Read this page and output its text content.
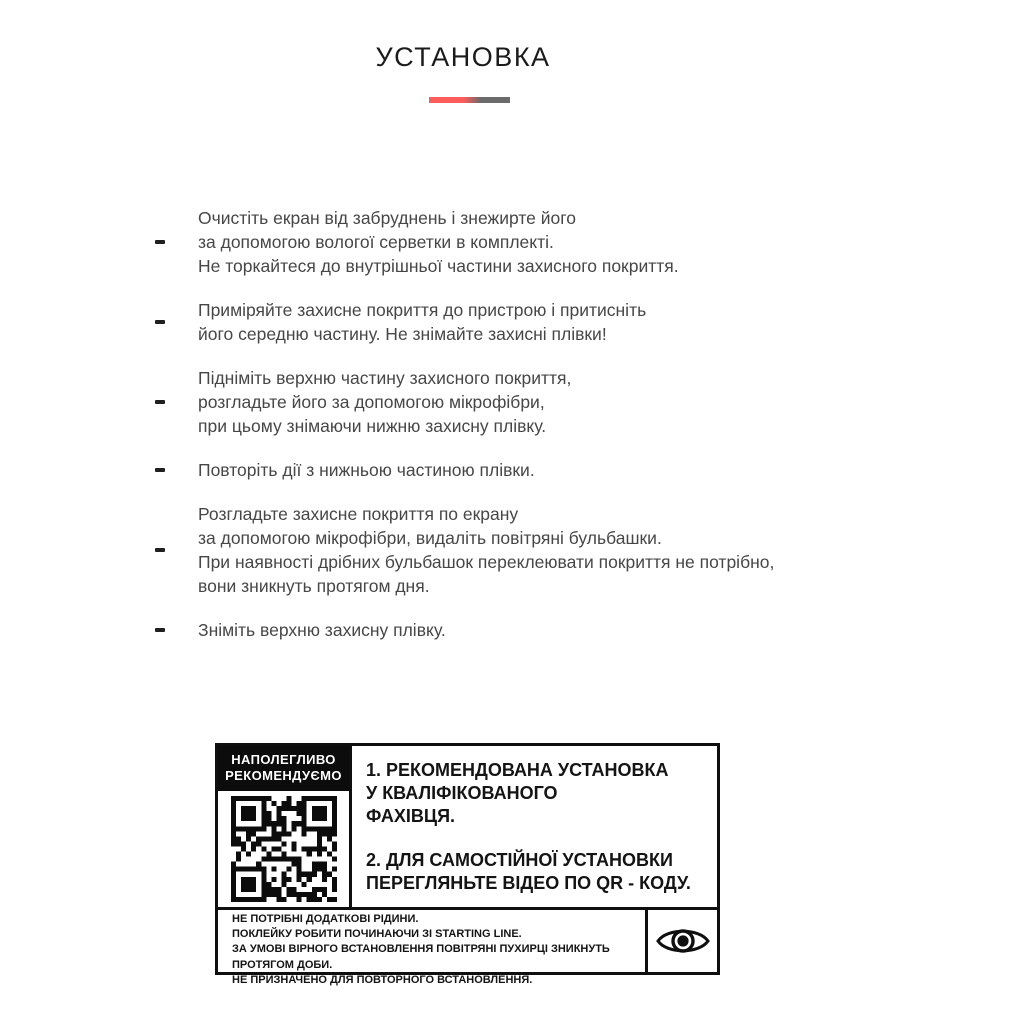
УСТАНОВКА
Очистіть екран від забруднень і знежирте його
за допомогою вологої серветки в комплекті.
Не торкайтеся до внутрішньої частини захисного покриття.
Приміряйте захисне покриття до пристрою і притисніть
його середню частину. Не знімайте захисні плівки!
Підніміть верхню частину захисного покриття,
розгладьте його за допомогою мікрофібри,
при цьому знімаючи нижню захисну плівку.
Повторіть дії з нижньою частиною плівки.
Розгладьте захисне покриття по екрану
за допомогою мікрофібри, видаліть повітряні бульбашки.
При наявності дрібних бульбашок переклеювати покриття не потрібно,
вони зникнуть протягом дня.
Зніміть верхню захисну плівку.
НАПОЛЕГЛИВО
РЕКОМЕНДУЄМО 1. РЕКОМЕНДОВАНА УСТАНОВКА
У КВАЛІФІКОВАНОГО
ФАХІВЦЯ.
2. ДЛЯ САМОСТІЙНОЇ УСТАНОВКИ
ПЕРЕГЛЯНЬТЕ ВІДЕО ПО QR - КОДУ.
НЕ ПОТРІБНІ ДОДАТКОВІ РІДИНИ.
ПОКЛЕЙКУ РОБИТИ ПОЧИНАЮЧИ ЗІ STARTING LINE.
ЗА УМОВІ ВІРНОГО ВСТАНОВЛЕННЯ ПОВІТРЯНІ ПУХИРЦІ ЗНИКНУТЬ ПРОТЯГОМ ДОБИ.
НЕ ПРИЗНАЧЕНО ДЛЯ ПОВТОРНОГО ВСТАНОВЛЕННЯ.
